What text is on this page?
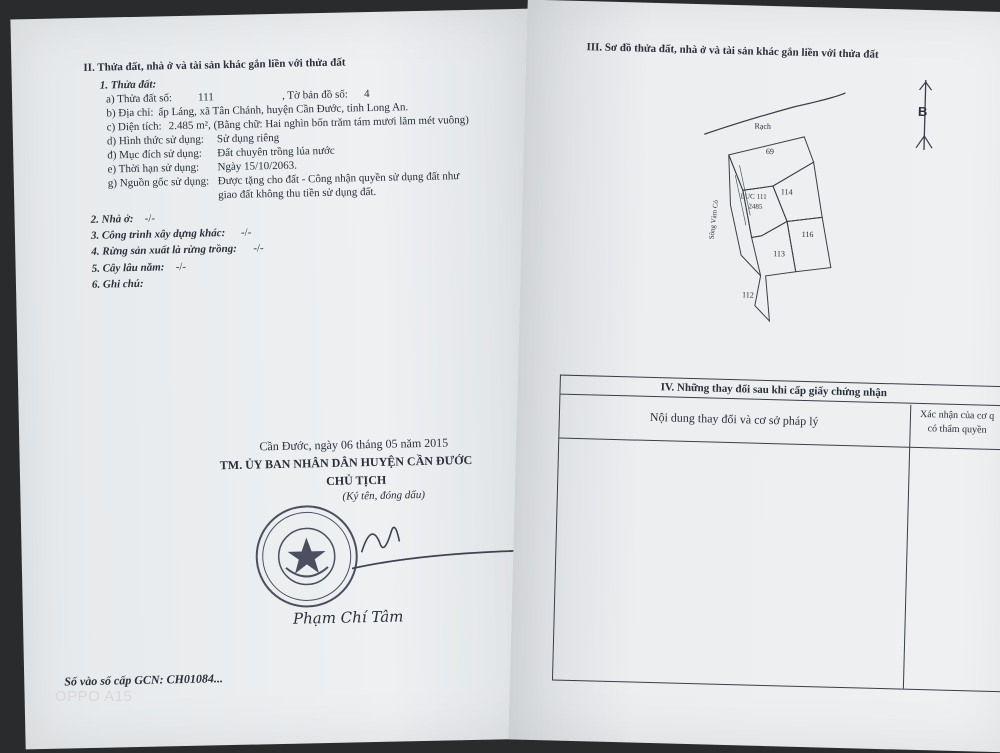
II. Thửa đất, nhà ở và tài sản khác gắn liền với thửa đất
1. Thửa đất:
a) Thửa đất số: 111	, Tờ bản đồ số: 4
b) Địa chỉ: ấp Láng, xã Tân Chánh, huyện Cần Đước, tỉnh Long An.
c) Diện tích: 2.485 m², (Bằng chữ: Hai nghìn bốn trăm tám mươi lăm mét vuông)
d) Hình thức sử dụng: Sử dụng riêng
đ) Mục đích sử dụng: Đất chuyên trồng lúa nước
e) Thời hạn sử dụng: Ngày 15/10/2063.
g) Nguồn gốc sử dụng: Được tặng cho đất - Công nhận quyền sử dụng đất như
giao đất không thu tiền sử dụng đất.
2. Nhà ở: -/-
3. Công trình xây dựng khác: -/-
4. Rừng sản xuất là rừng trồng: -/-
5. Cây lâu năm: -/-
6. Ghi chú:
Cần Đước, ngày 06 tháng 05 năm 2015
TM. ỦY BAN NHÂN DÂN HUYỆN CẦN ĐƯỚC
CHỦ TỊCH
(Ký tên, đóng dấu)
Phạm Chí Tâm
Số vào số cấp GCN: CH01084...
III. Sơ đồ thửa đất, nhà ở và tài sản khác gắn liền với thửa đất
B
Rạch
69
114
116
113
112
LUC 111
2485
Sông Vàm Cỏ
IV. Những thay đổi sau khi cấp giấy chứng nhận
Nội dung thay đổi và cơ sở pháp lý	Xác nhận của cơ q
có thẩm quyền
OPPO A15
